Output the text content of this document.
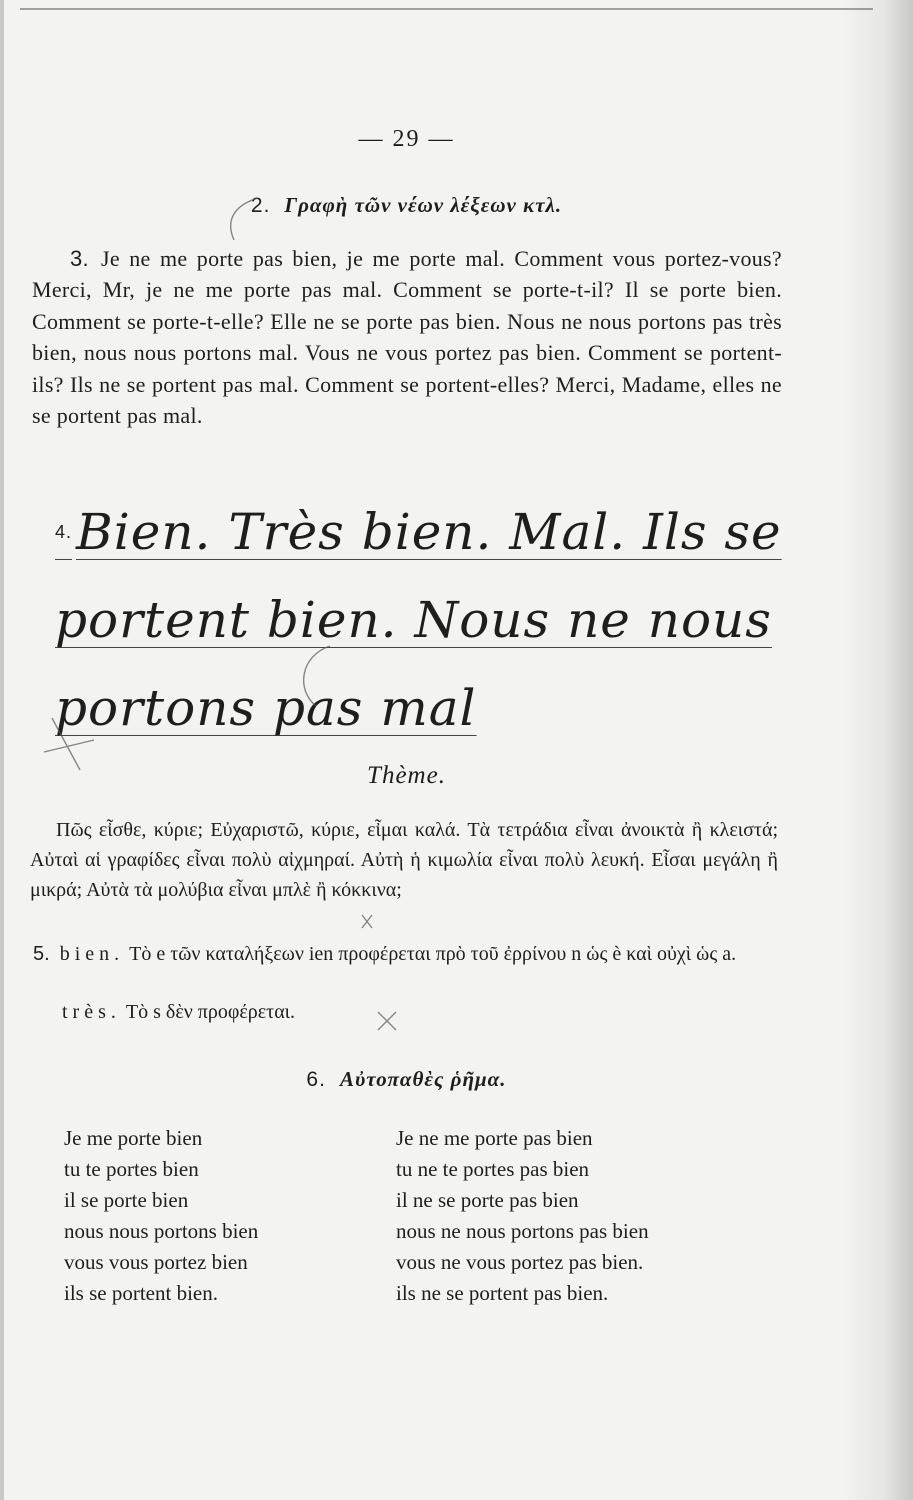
— 29 —
2. Γραφὴ τῶν νέων λέξεων κτλ.
3. Je ne me porte pas bien, je me porte mal. Comment vous portez-vous? Merci, Mr, je ne me porte pas mal. Comment se porte-t-il? Il se porte bien. Comment se porte-t-elle? Elle ne se porte pas bien. Nous ne nous portons pas très bien, nous nous portons mal. Vous ne vous portez pas bien. Comment se portent-ils? Ils ne se portent pas mal. Comment se portent-elles? Merci, Madame, elles ne se portent pas mal.
$^{4.}$Bien. Très bien. Mal. Ils se
portent bien. Nous ne nous
portons pas mal
Thème.
Πῶς εἶσθε, κύριε; Εὐχαριστῶ, κύριε, εἶμαι καλά. Τὰ τετράδια εἶναι ἀνοικτὰ ἢ κλειστά; Αὐταὶ αἱ γραφίδες εἶναι πολὺ αἰχμηραί. Αὐτὴ ἡ κιμωλία εἶναι πολὺ λευκή. Εἶσαι μεγάλη ἢ μικρά; Αὐτὰ τὰ μολύβια εἶναι μπλὲ ἢ κόκκινα;
5. bien. Τὸ e τῶν καταλήξεων ien προφέρεται πρὸ τοῦ ἐρρίνου n ὡς è καὶ οὐχὶ ὡς a.
très. Τὸ s δὲν προφέρεται.
6. Αὐτοπαθὲς ῥῆμα.
Je me porte bien
tu te portes bien
il se porte bien
nous nous portons bien
vous vous portez bien
ils se portent bien.
Je ne me porte pas bien
tu ne te portes pas bien
il ne se porte pas bien
nous ne nous portons pas bien
vous ne vous portez pas bien.
ils ne se portent pas bien.
